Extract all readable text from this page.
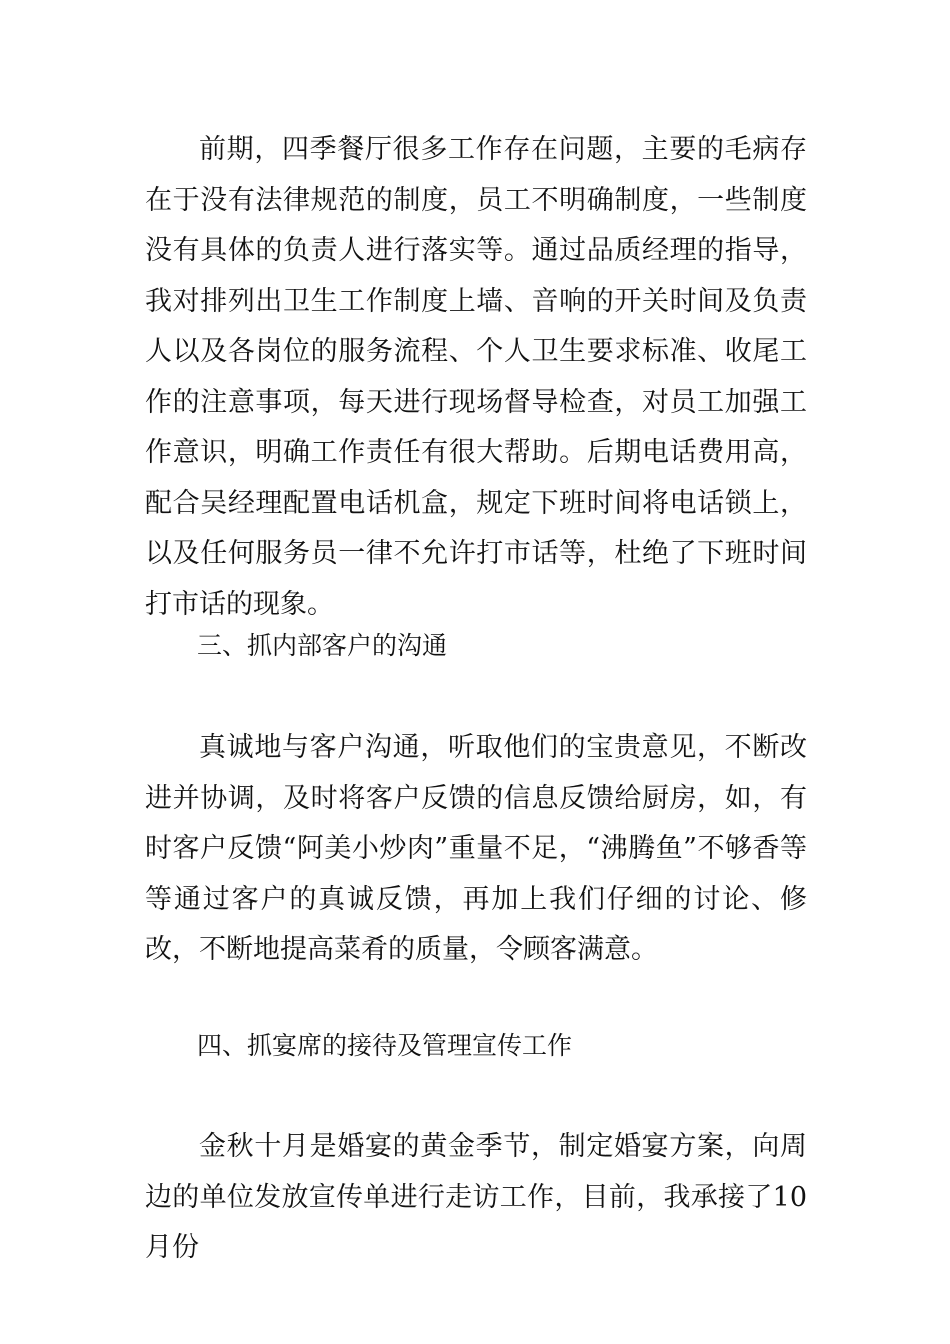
前期，四季餐厅很多工作存在问题，主要的毛病存在于没有法律规范的制度，员工不明确制度，一些制度没有具体的负责人进行落实等。通过品质经理的指导，我对排列出卫生工作制度上墙、音响的开关时间及负责人以及各岗位的服务流程、个人卫生要求标准、收尾工作的注意事项，每天进行现场督导检查，对员工加强工作意识，明确工作责任有很大帮助。后期电话费用高，配合吴经理配置电话机盒，规定下班时间将电话锁上，以及任何服务员一律不允许打市话等，杜绝了下班时间打市话的现象。

三、抓内部客户的沟通

真诚地与客户沟通，听取他们的宝贵意见，不断改进并协调，及时将客户反馈的信息反馈给厨房，如，有时客户反馈“阿美小炒肉”重量不足，“沸腾鱼”不够香等等通过客户的真诚反馈，再加上我们仔细的讨论、修改，不断地提高菜肴的质量，令顾客满意。

四、抓宴席的接待及管理宣传工作

金秋十月是婚宴的黄金季节，制定婚宴方案，向周边的单位发放宣传单进行走访工作，目前，我承接了10月份
